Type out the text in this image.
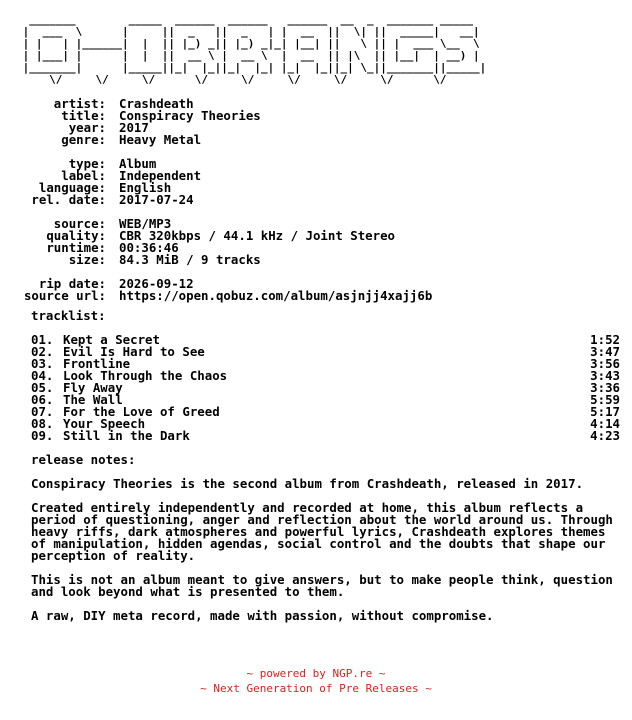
_______        _____  ______  ______   ______  __  _  _______ _____
|  ___  \      |     ||  _   ||  _   | |  __  ||  \| ||  _____|   __|
| |   | |______|  |  || |_) _|| |_) _|_| |__| ||   \ || |  ___ \__  \
| |___| |      |  |  ||  __ \ |  __ \  |  __  || |\  || |__|  | __) |
|_______|      |_____||_|  |_||_|  |_| |_|  |_||_| \_||_______||_____|
\/     \/     \/      \/     \/     \/     \/     \/      \/
artist:
Crashdeath
title:
Conspiracy Theories
year:
2017
genre:
Heavy Metal
type:
Album
label:
Independent
language:
English
rel. date:
2017-07-24
source:
WEB/MP3
quality:
CBR 320kbps / 44.1 kHz / Joint Stereo
runtime:
00:36:46
size:
84.3 MiB / 9 tracks
rip date:
2026-09-12
source url:
https://open.qobuz.com/album/asjnjj4xajj6b
tracklist:
01. Kept a Secret	1:52
02. Evil Is Hard to See	3:47
03. Frontline	3:56
04. Look Through the Chaos	3:43
05. Fly Away	3:36
06. The Wall	5:59
07. For the Love of Greed	5:17
08. Your Speech	4:14
09. Still in the Dark	4:23
release notes:

Conspiracy Theories is the second album from Crashdeath, released in 2017.

Created entirely independently and recorded at home, this album reflects a period of questioning, anger and reflection about the world around us. Through heavy riffs, dark atmospheres and powerful lyrics, Crashdeath explores themes of manipulation, hidden agendas, social control and the doubts that shape our perception of reality.

This is not an album meant to give answers, but to make people think, question and look beyond what is presented to them.

A raw, DIY meta record, made with passion, without compromise.

~ powered by NGP.re ~
~ Next Generation of Pre Releases ~
